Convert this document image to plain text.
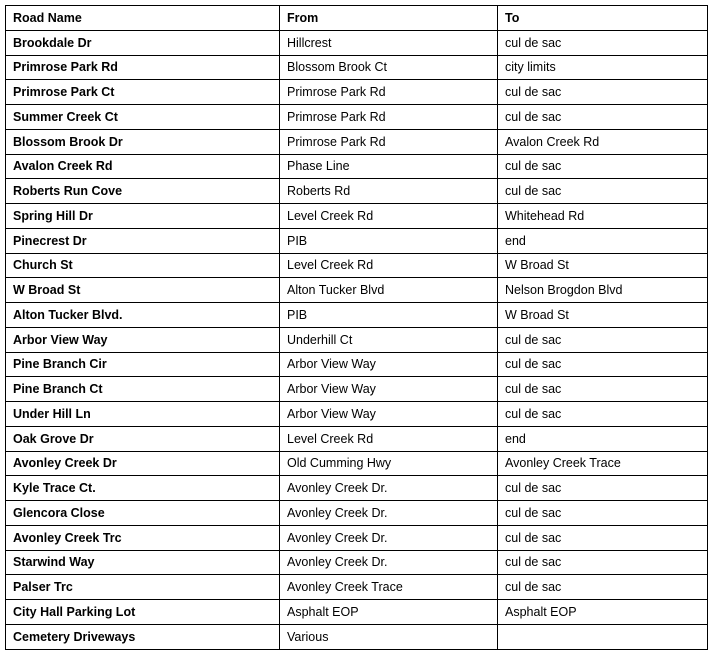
Road Name	From	To
Brookdale Dr	Hillcrest	cul de sac
Primrose Park Rd	Blossom Brook Ct	city limits
Primrose Park Ct	Primrose Park Rd	cul de sac
Summer Creek Ct	Primrose Park Rd	cul de sac
Blossom Brook Dr	Primrose Park Rd	Avalon Creek Rd
Avalon Creek Rd	Phase Line	cul de sac
Roberts Run Cove	Roberts Rd	cul de sac
Spring Hill Dr	Level Creek Rd	Whitehead Rd
Pinecrest Dr	PIB	end
Church St	Level Creek Rd	W Broad St
W Broad St	Alton Tucker Blvd	Nelson Brogdon Blvd
Alton Tucker Blvd.	PIB	W Broad St
Arbor View Way	Underhill Ct	cul de sac
Pine Branch Cir	Arbor View Way	cul de sac
Pine Branch Ct	Arbor View Way	cul de sac
Under Hill Ln	Arbor View Way	cul de sac
Oak Grove Dr	Level Creek Rd	end
Avonley Creek Dr	Old Cumming Hwy	Avonley Creek Trace
Kyle Trace Ct.	Avonley Creek Dr.	cul de sac
Glencora Close	Avonley Creek Dr.	cul de sac
Avonley Creek Trc	Avonley Creek Dr.	cul de sac
Starwind Way	Avonley Creek Dr.	cul de sac
Palser Trc	Avonley Creek Trace	cul de sac
City Hall Parking Lot	Asphalt EOP	Asphalt EOP
Cemetery Driveways	Various	
